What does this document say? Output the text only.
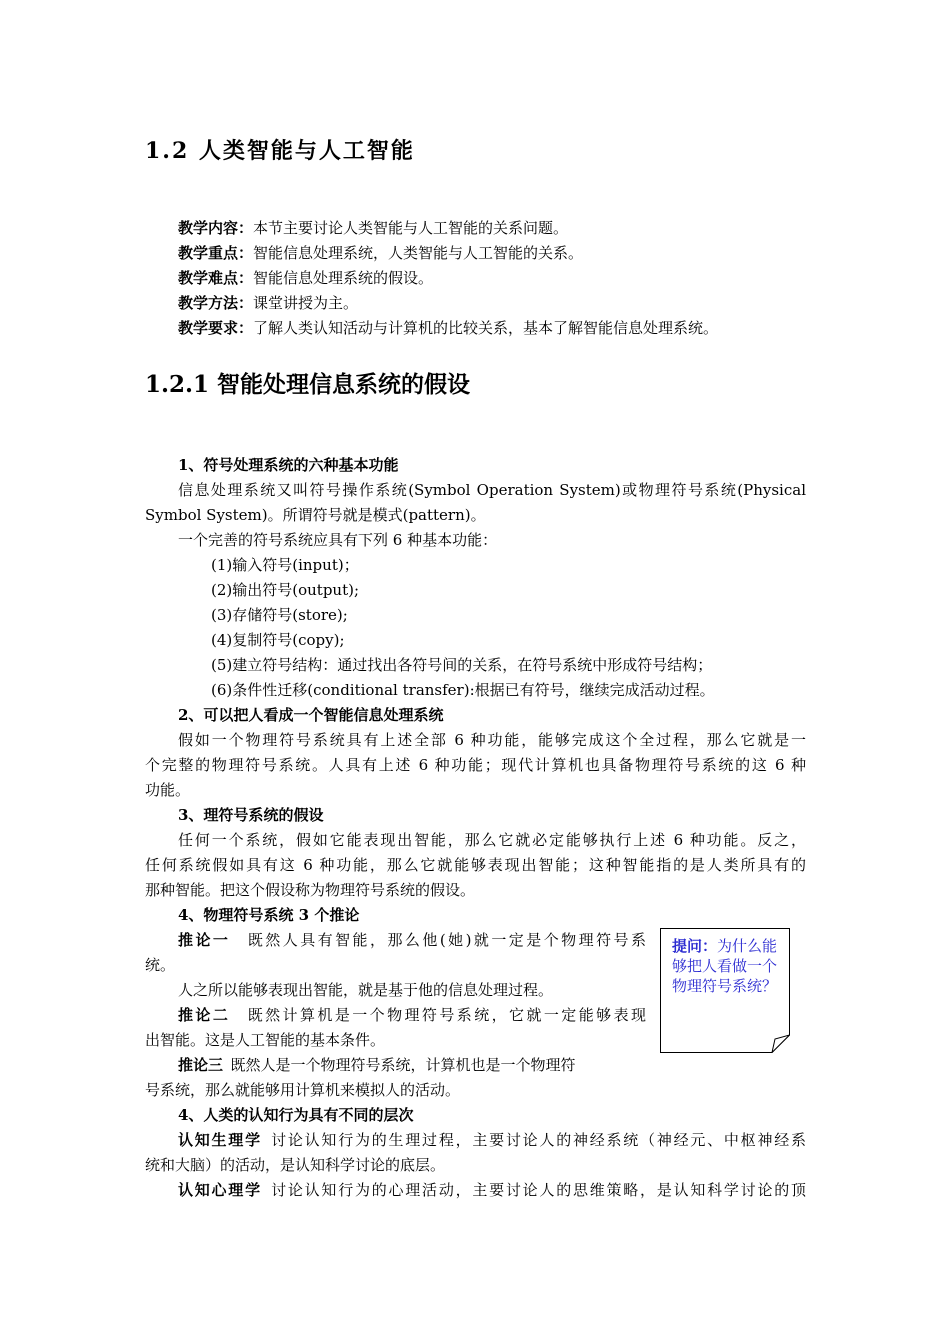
1.2 人类智能与人工智能
教学内容：本节主要讨论人类智能与人工智能的关系问题。
教学重点：智能信息处理系统，人类智能与人工智能的关系。
教学难点：智能信息处理系统的假设。
教学方法：课堂讲授为主。
教学要求：了解人类认知活动与计算机的比较关系，基本了解智能信息处理系统。
1.2.1 智能处理信息系统的假设
1、符号处理系统的六种基本功能
信息处理系统又叫符号操作系统(Symbol Operation System)或物理符号系统(Physical
Symbol System)。所谓符号就是模式(pattern)。
一个完善的符号系统应具有下列 6 种基本功能：
(1)输入符号(input)；
(2)输出符号(output);
(3)存储符号(store);
(4)复制符号(copy);
(5)建立符号结构：通过找出各符号间的关系，在符号系统中形成符号结构；
(6)条件性迁移(conditional transfer):根据已有符号，继续完成活动过程。
2、可以把人看成一个智能信息处理系统
假如一个物理符号系统具有上述全部 6 种功能，能够完成这个全过程，那么它就是一
个完整的物理符号系统。人具有上述 6 种功能；现代计算机也具备物理符号系统的这 6 种
功能。
3、理符号系统的假设
任何一个系统，假如它能表现出智能，那么它就必定能够执行上述 6 种功能。反之，
任何系统假如具有这 6 种功能，那么它就能够表现出智能；这种智能指的是人类所具有的
那种智能。把这个假设称为物理符号系统的假设。
4、物理符号系统 3 个推论
推论一  既然人具有智能，那么他(她)就一定是个物理符号系
统。
人之所以能够表现出智能，就是基于他的信息处理过程。
推论二  既然计算机是一个物理符号系统，它就一定能够表现
出智能。这是人工智能的基本条件。
推论三  既然人是一个物理符号系统，计算机也是一个物理符
号系统，那么就能够用计算机来模拟人的活动。
提问：为什么能够把人看做一个物理符号系统？
4、人类的认知行为具有不同的层次
认知生理学  讨论认知行为的生理过程，主要讨论人的神经系统（神经元、中枢神经系
统和大脑）的活动，是认知科学讨论的底层。
认知心理学  讨论认知行为的心理活动，主要讨论人的思维策略，是认知科学讨论的顶
